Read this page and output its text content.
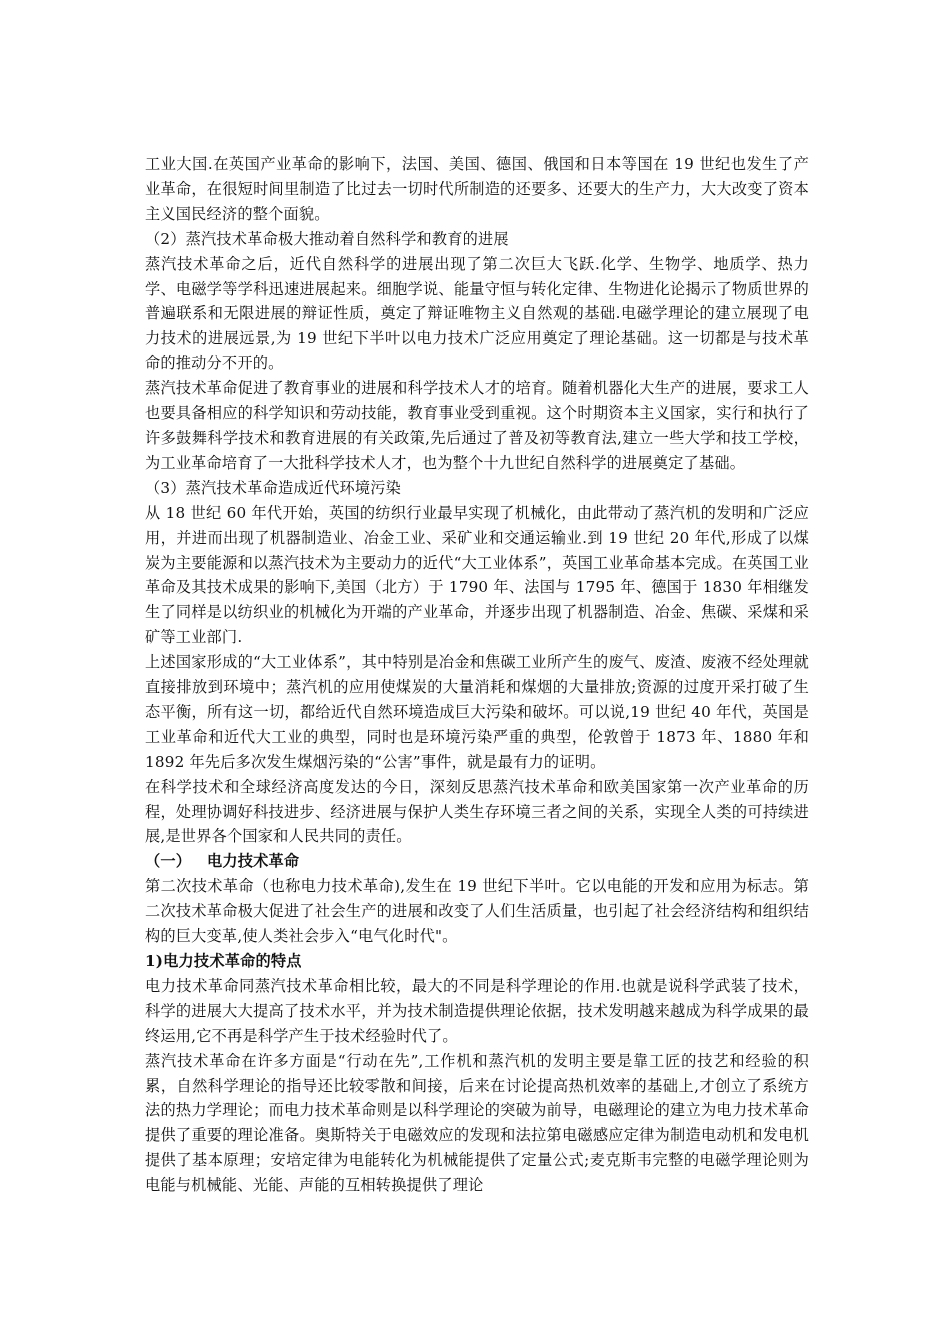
工业大国.在英国产业革命的影响下，法国、美国、德国、俄国和日本等国在 19 世纪也发生了产业革命，在很短时间里制造了比过去一切时代所制造的还要多、还要大的生产力，大大改变了资本主义国民经济的整个面貌。

（2）蒸汽技术革命极大推动着自然科学和教育的进展

蒸汽技术革命之后，近代自然科学的进展出现了第二次巨大飞跃.化学、生物学、地质学、热力学、电磁学等学科迅速进展起来。细胞学说、能量守恒与转化定律、生物进化论揭示了物质世界的普遍联系和无限进展的辩证性质，奠定了辩证唯物主义自然观的基础.电磁学理论的建立展现了电力技术的进展远景,为 19 世纪下半叶以电力技术广泛应用奠定了理论基础。这一切都是与技术革命的推动分不开的。

蒸汽技术革命促进了教育事业的进展和科学技术人才的培育。随着机器化大生产的进展，要求工人也要具备相应的科学知识和劳动技能，教育事业受到重视。这个时期资本主义国家，实行和执行了许多鼓舞科学技术和教育进展的有关政策,先后通过了普及初等教育法,建立一些大学和技工学校，为工业革命培育了一大批科学技术人才，也为整个十九世纪自然科学的进展奠定了基础。

（3）蒸汽技术革命造成近代环境污染

从 18 世纪 60 年代开始，英国的纺织行业最早实现了机械化，由此带动了蒸汽机的发明和广泛应用，并进而出现了机器制造业、冶金工业、采矿业和交通运输业.到 19 世纪 20 年代,形成了以煤炭为主要能源和以蒸汽技术为主要动力的近代“大工业体系”，英国工业革命基本完成。在英国工业革命及其技术成果的影响下,美国（北方）于 1790 年、法国与 1795 年、德国于 1830 年相继发生了同样是以纺织业的机械化为开端的产业革命，并逐步出现了机器制造、冶金、焦碳、采煤和采矿等工业部门.

上述国家形成的“大工业体系”，其中特别是冶金和焦碳工业所产生的废气、废渣、废液不经处理就直接排放到环境中；蒸汽机的应用使煤炭的大量消耗和煤烟的大量排放;资源的过度开采打破了生态平衡，所有这一切，都给近代自然环境造成巨大污染和破坏。可以说,19 世纪 40 年代，英国是工业革命和近代大工业的典型，同时也是环境污染严重的典型，伦敦曾于 1873 年、1880 年和 1892 年先后多次发生煤烟污染的“公害”事件，就是最有力的证明。

在科学技术和全球经济高度发达的今日，深刻反思蒸汽技术革命和欧美国家第一次产业革命的历程，处理协调好科技进步、经济进展与保护人类生存环境三者之间的关系，实现全人类的可持续进展,是世界各个国家和人民共同的责任。

（一） 电力技术革命

第二次技术革命（也称电力技术革命),发生在 19 世纪下半叶。它以电能的开发和应用为标志。第二次技术革命极大促进了社会生产的进展和改变了人们生活质量，也引起了社会经济结构和组织结构的巨大变革,使人类社会步入“电气化时代"。

1)电力技术革命的特点

电力技术革命同蒸汽技术革命相比较，最大的不同是科学理论的作用.也就是说科学武装了技术，科学的进展大大提高了技术水平，并为技术制造提供理论依据，技术发明越来越成为科学成果的最终运用,它不再是科学产生于技术经验时代了。

蒸汽技术革命在许多方面是“行动在先”,工作机和蒸汽机的发明主要是靠工匠的技艺和经验的积累，自然科学理论的指导还比较零散和间接，后来在讨论提高热机效率的基础上,才创立了系统方法的热力学理论；而电力技术革命则是以科学理论的突破为前导，电磁理论的建立为电力技术革命提供了重要的理论准备。奥斯特关于电磁效应的发现和法拉第电磁感应定律为制造电动机和发电机提供了基本原理；安培定律为电能转化为机械能提供了定量公式;麦克斯韦完整的电磁学理论则为电能与机械能、光能、声能的互相转换提供了理论
